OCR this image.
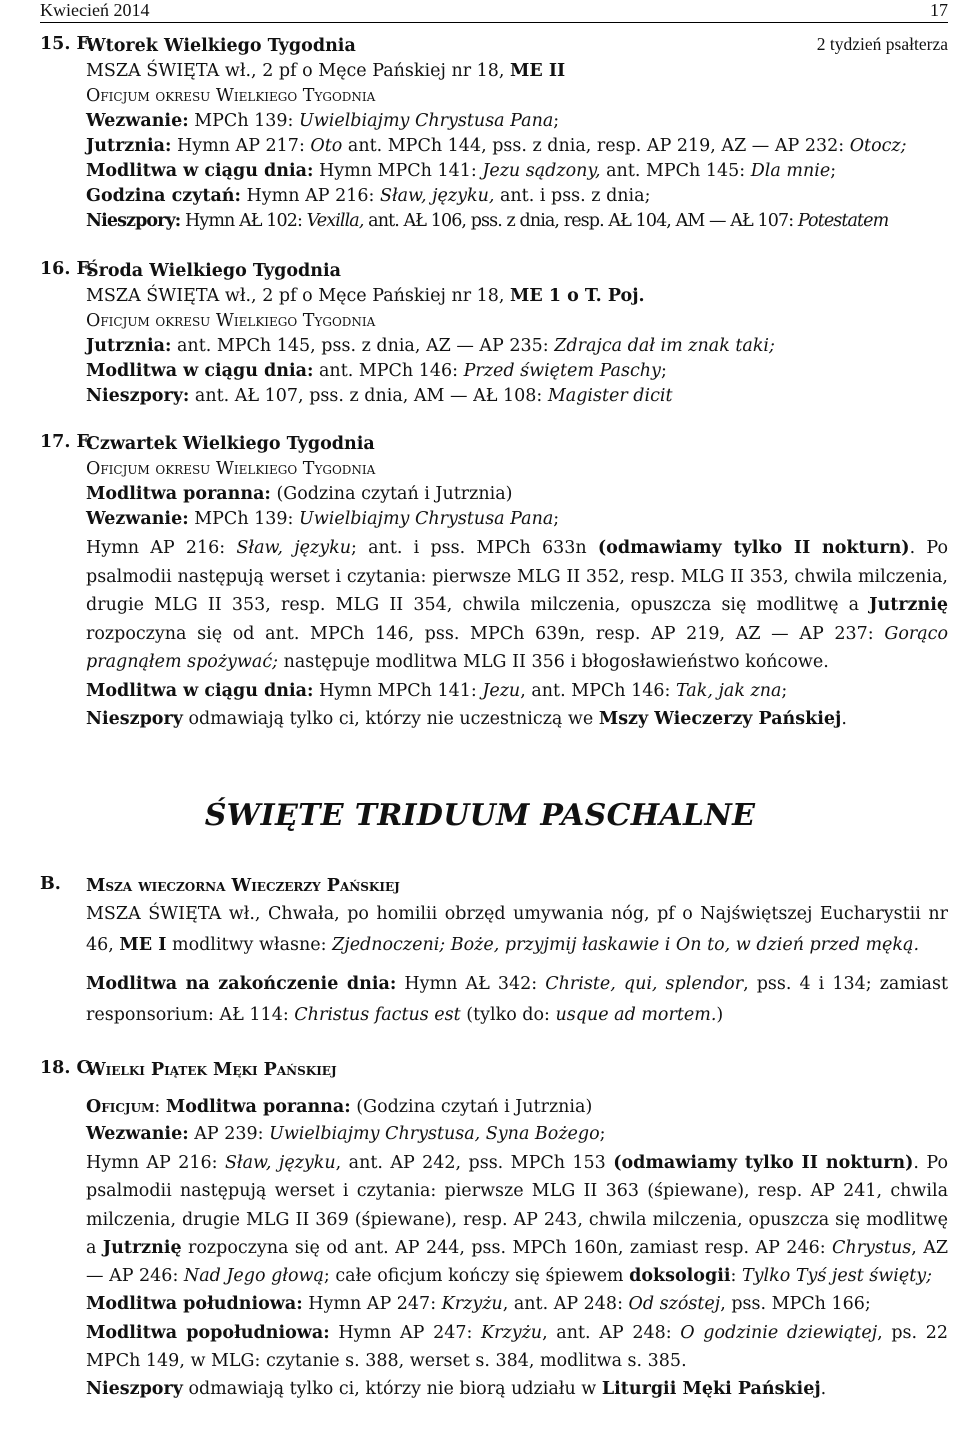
Kwiecień 2014	17
15. F.	2 tydzień psałterza
Wtorek Wielkiego Tygodnia
MSZA ŚWIĘTA wł., 2 pf o Męce Pańskiej nr 18, ME II
Oficjum okresu Wielkiego Tygodnia
Wezwanie: MPCh 139: Uwielbiajmy Chrystusa Pana;
Jutrznia: Hymn AP 217: Oto ant. MPCh 144, pss. z dnia, resp. AP 219, AZ — AP 232: Otocz;
Modlitwa w ciągu dnia: Hymn MPCh 141: Jezu sądzony, ant. MPCh 145: Dla mnie;
Godzina czytań: Hymn AP 216: Sław, języku, ant. i pss. z dnia;
Nieszpory: Hymn AŁ 102: Vexilla, ant. AŁ 106, pss. z dnia, resp. AŁ 104, AM — AŁ 107: Potestatem
16. F.
Środa Wielkiego Tygodnia
MSZA ŚWIĘTA wł., 2 pf o Męce Pańskiej nr 18, ME 1 o T. Poj.
Oficjum okresu Wielkiego Tygodnia
Jutrznia: ant. MPCh 145, pss. z dnia, AZ — AP 235: Zdrajca dał im znak taki;
Modlitwa w ciągu dnia: ant. MPCh 146: Przed świętem Paschy;
Nieszpory: ant. AŁ 107, pss. z dnia, AM — AŁ 108: Magister dicit
17. F.
Czwartek Wielkiego Tygodnia
Oficjum okresu Wielkiego Tygodnia
Modlitwa poranna: (Godzina czytań i Jutrznia)
Wezwanie: MPCh 139: Uwielbiajmy Chrystusa Pana;
Hymn AP 216: Sław, języku; ant. i pss. MPCh 633n (odmawiamy tylko II nokturn). Po psalmodii następują werset i czytania: pierwsze MLG II 352, resp. MLG II 353, chwila milczenia, drugie MLG II 353, resp. MLG II 354, chwila milczenia, opuszcza się modlitwę a Jutrznię rozpoczyna się od ant. MPCh 146, pss. MPCh 639n, resp. AP 219, AZ — AP 237: Gorąco pragnąłem spożywać; następuje modlitwa MLG II 356 i błogosławieństwo końcowe.
Modlitwa w ciągu dnia: Hymn MPCh 141: Jezu, ant. MPCh 146: Tak, jak zna;
Nieszpory odmawiają tylko ci, którzy nie uczestniczą we Mszy Wieczerzy Pańskiej.
ŚWIĘTE TRIDUUM PASCHALNE
B. Msza wieczorna Wieczerzy Pańskiej
MSZA ŚWIĘTA wł., Chwała, po homilii obrzęd umywania nóg, pf o Najświętszej Eucharystii nr 46, ME I modlitwy własne: Zjednoczeni; Boże, przyjmij łaskawie i On to, w dzień przed męką.
Modlitwa na zakończenie dnia: Hymn AŁ 342: Christe, qui, splendor, pss. 4 i 134; zamiast responsorium: AŁ 114: Christus factus est (tylko do: usque ad mortem.)
18. C.
Wielki Piątek Męki Pańskiej
Oficjum: Modlitwa poranna: (Godzina czytań i Jutrznia)
Wezwanie: AP 239: Uwielbiajmy Chrystusa, Syna Bożego;
Hymn AP 216: Sław, języku, ant. AP 242, pss. MPCh 153 (odmawiamy tylko II nokturn). Po psalmodii następują werset i czytania: pierwsze MLG II 363 (śpiewane), resp. AP 241, chwila milczenia, drugie MLG II 369 (śpiewane), resp. AP 243, chwila milczenia, opuszcza się modlitwę a Jutrznię rozpoczyna się od ant. AP 244, pss. MPCh 160n, zamiast resp. AP 246: Chrystus, AZ — AP 246: Nad Jego głową; całe oficjum kończy się śpiewem doksologii: Tylko Tyś jest święty;
Modlitwa południowa: Hymn AP 247: Krzyżu, ant. AP 248: Od szóstej, pss. MPCh 166;
Modlitwa popołudniowa: Hymn AP 247: Krzyżu, ant. AP 248: O godzinie dziewiątej, ps. 22 MPCh 149, w MLG: czytanie s. 388, werset s. 384, modlitwa s. 385.
Nieszpory odmawiają tylko ci, którzy nie biorą udziału w Liturgii Męki Pańskiej.
